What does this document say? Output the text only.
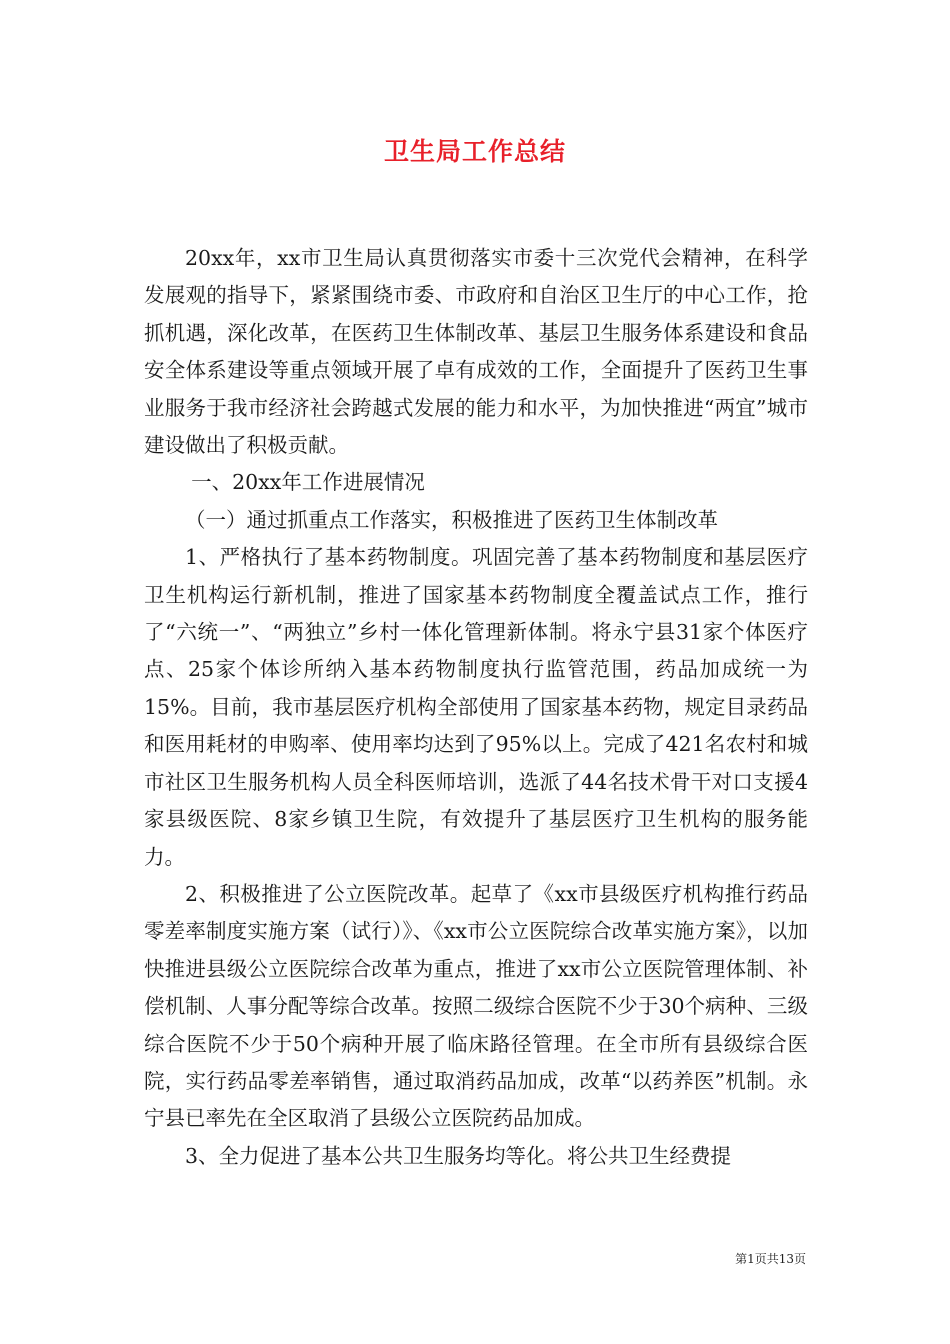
卫生局工作总结

20xx年，xx市卫生局认真贯彻落实市委十三次党代会精神，在科学发展观的指导下，紧紧围绕市委、市政府和自治区卫生厅的中心工作，抢抓机遇，深化改革，在医药卫生体制改革、基层卫生服务体系建设和食品安全体系建设等重点领域开展了卓有成效的工作，全面提升了医药卫生事业服务于我市经济社会跨越式发展的能力和水平，为加快推进“两宜”城市建设做出了积极贡献。

一、20xx年工作进展情况

（一）通过抓重点工作落实，积极推进了医药卫生体制改革

1、严格执行了基本药物制度。巩固完善了基本药物制度和基层医疗卫生机构运行新机制，推进了国家基本药物制度全覆盖试点工作，推行了“六统一”、“两独立”乡村一体化管理新体制。将永宁县31家个体医疗点、25家个体诊所纳入基本药物制度执行监管范围，药品加成统一为15%。目前，我市基层医疗机构全部使用了国家基本药物，规定目录药品和医用耗材的申购率、使用率均达到了95%以上。完成了421名农村和城市社区卫生服务机构人员全科医师培训，选派了44名技术骨干对口支援4家县级医院、8家乡镇卫生院，有效提升了基层医疗卫生机构的服务能力。

2、积极推进了公立医院改革。起草了《xx市县级医疗机构推行药品零差率制度实施方案（试行）》、《xx市公立医院综合改革实施方案》，以加快推进县级公立医院综合改革为重点，推进了xx市公立医院管理体制、补偿机制、人事分配等综合改革。按照二级综合医院不少于30个病种、三级综合医院不少于50个病种开展了临床路径管理。在全市所有县级综合医院，实行药品零差率销售，通过取消药品加成，改革“以药养医”机制。永宁县已率先在全区取消了县级公立医院药品加成。

3、全力促进了基本公共卫生服务均等化。将公共卫生经费提

第1页共13页
